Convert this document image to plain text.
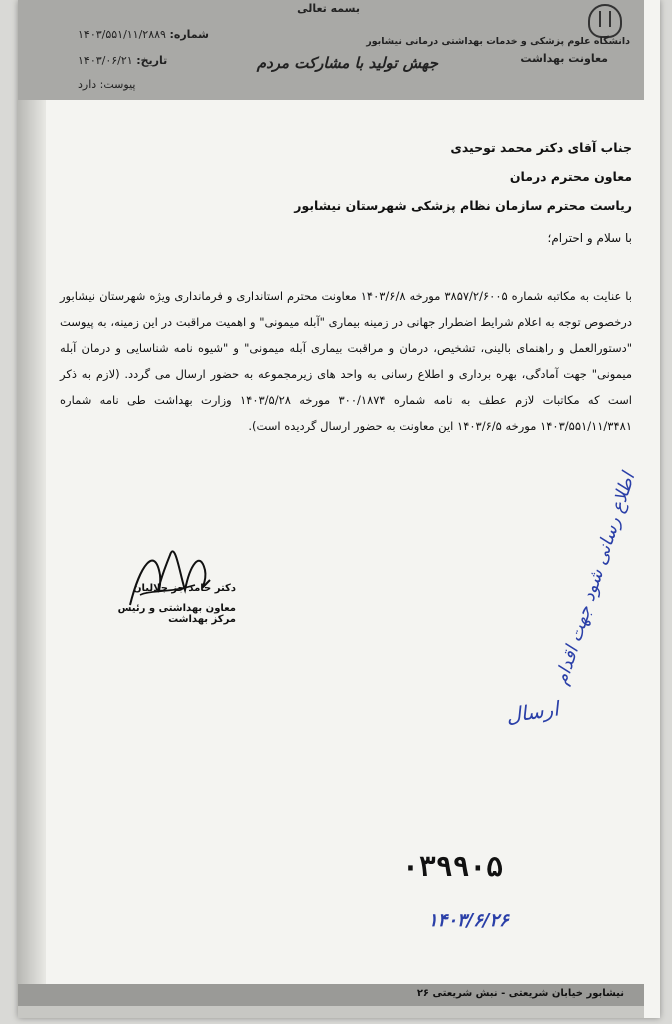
بسمه تعالی
دانشگاه علوم پزشکی و خدمات بهداشتی درمانی نیشابور
معاونت بهداشت
جهش تولید با مشارکت مردم
شماره: ۱۴۰۳/۵۵۱/۱۱/۲۸۸۹
تاریخ: ۱۴۰۳/۰۶/۲۱
پیوست: دارد
جناب آقای دکتر محمد توحیدی
معاون محترم درمان
ریاست محترم سازمان نظام پزشکی شهرستان نیشابور
با سلام و احترام؛
با عنایت به مکاتبه شماره ۳۸۵۷/۲/۶۰۰۵ مورخه ۱۴۰۳/۶/۸ معاونت محترم استانداری و فرمانداری ویژه شهرستان نیشابور درخصوص توجه به اعلام شرایط اضطرار جهانی در زمینه بیماری "آبله میمونی" و اهمیت مراقبت در این زمینه، به پیوست "دستورالعمل و راهنمای بالینی، تشخیص، درمان و مراقبت بیماری آبله میمونی" و "شیوه نامه شناسایی و درمان آبله میمونی" جهت آمادگی، بهره برداری و اطلاع رسانی به واحد های زیرمجموعه به حضور ارسال می گردد. (لازم به ذکر است که مکاتبات لازم عطف به نامه شماره ۳۰۰/۱۸۷۴ مورخه ۱۴۰۳/۵/۲۸ وزارت بهداشت طی نامه شماره ۱۴۰۳/۵۵۱/۱۱/۳۴۸۱ مورخه ۱۴۰۳/۶/۵ این معاونت به حضور ارسال گردیده است).
دکتر حامد جز جلالیان
معاون بهداشتی و رئیس مرکز بهداشت
ارسال
اطلاع رسانی شود جهت اقدام
۰۳۹۹۰۵
۱۴۰۳/۶/۲۶
نیشابور خیابان شریعتی - نبش شریعتی ۲۶
